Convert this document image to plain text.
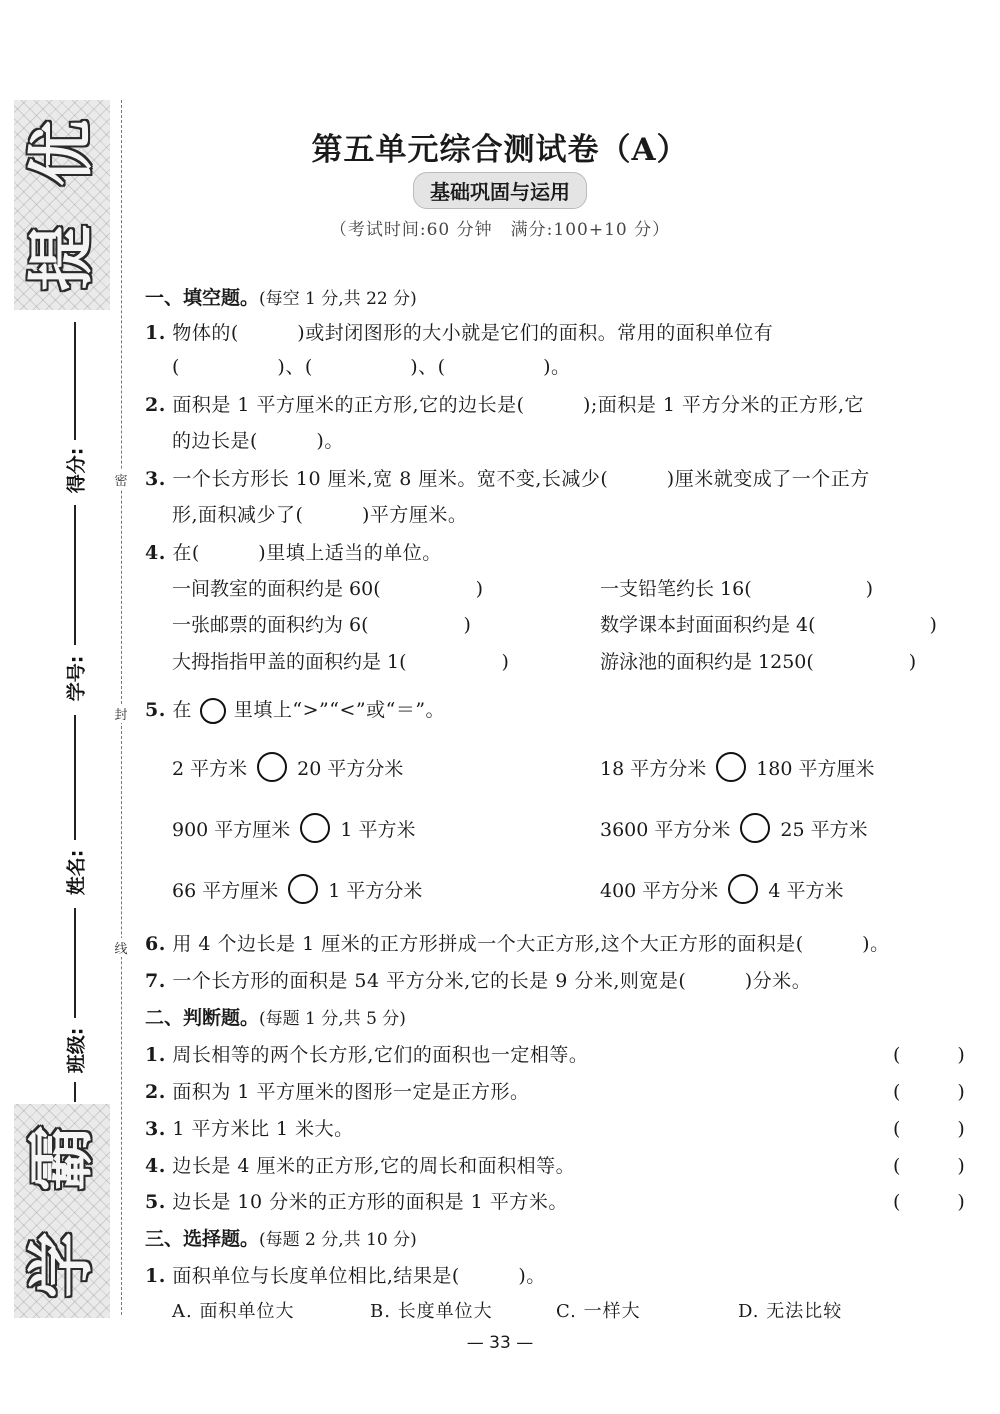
优
提
霸
学
得分:
学号:
姓名:
班级:
密
封
线
第五单元综合测试卷（A）
基础巩固与运用
（考试时间:60 分钟　满分:100+10 分）
一、填空题。(每空 1 分,共 22 分)
1. 物体的(　　　)或封闭图形的大小就是它们的面积。常用的面积单位有
(　　　　　)、(　　　　　)、(　　　　　)。
2. 面积是 1 平方厘米的正方形,它的边长是(　　　);面积是 1 平方分米的正方形,它
的边长是(　　　)。
3. 一个长方形长 10 厘米,宽 8 厘米。宽不变,长减少(　　　)厘米就变成了一个正方
形,面积减少了(　　　)平方厘米。
4. 在(　　　)里填上适当的单位。
一间教室的面积约是 60(　　　　　)	一支铅笔约长 16(　　　　　　)
一张邮票的面积约为 6(　　　　　)	数学课本封面面积约是 4(　　　　　　)
大拇指指甲盖的面积约是 1(　　　　　)	游泳池的面积约是 1250(　　　　　)
5. 在 里填上“>”“<”或“＝”。
2 平方米	20 平方分米	18 平方分米	180 平方厘米
900 平方厘米	1 平方米	3600 平方分米	25 平方米
66 平方厘米	1 平方分米	400 平方分米	4 平方米
6. 用 4 个边长是 1 厘米的正方形拼成一个大正方形,这个大正方形的面积是(　　　)。
7. 一个长方形的面积是 54 平方分米,它的长是 9 分米,则宽是(　　　)分米。
二、判断题。(每题 1 分,共 5 分)
1. 周长相等的两个长方形,它们的面积也一定相等。	(　　　)
2. 面积为 1 平方厘米的图形一定是正方形。	(　　　)
3. 1 平方米比 1 米大。	(　　　)
4. 边长是 4 厘米的正方形,它的周长和面积相等。	(　　　)
5. 边长是 10 分米的正方形的面积是 1 平方米。	(　　　)
三、选择题。(每题 2 分,共 10 分)
1. 面积单位与长度单位相比,结果是(　　　)。
A. 面积单位大	B. 长度单位大	C. 一样大	D. 无法比较
— 33 —
